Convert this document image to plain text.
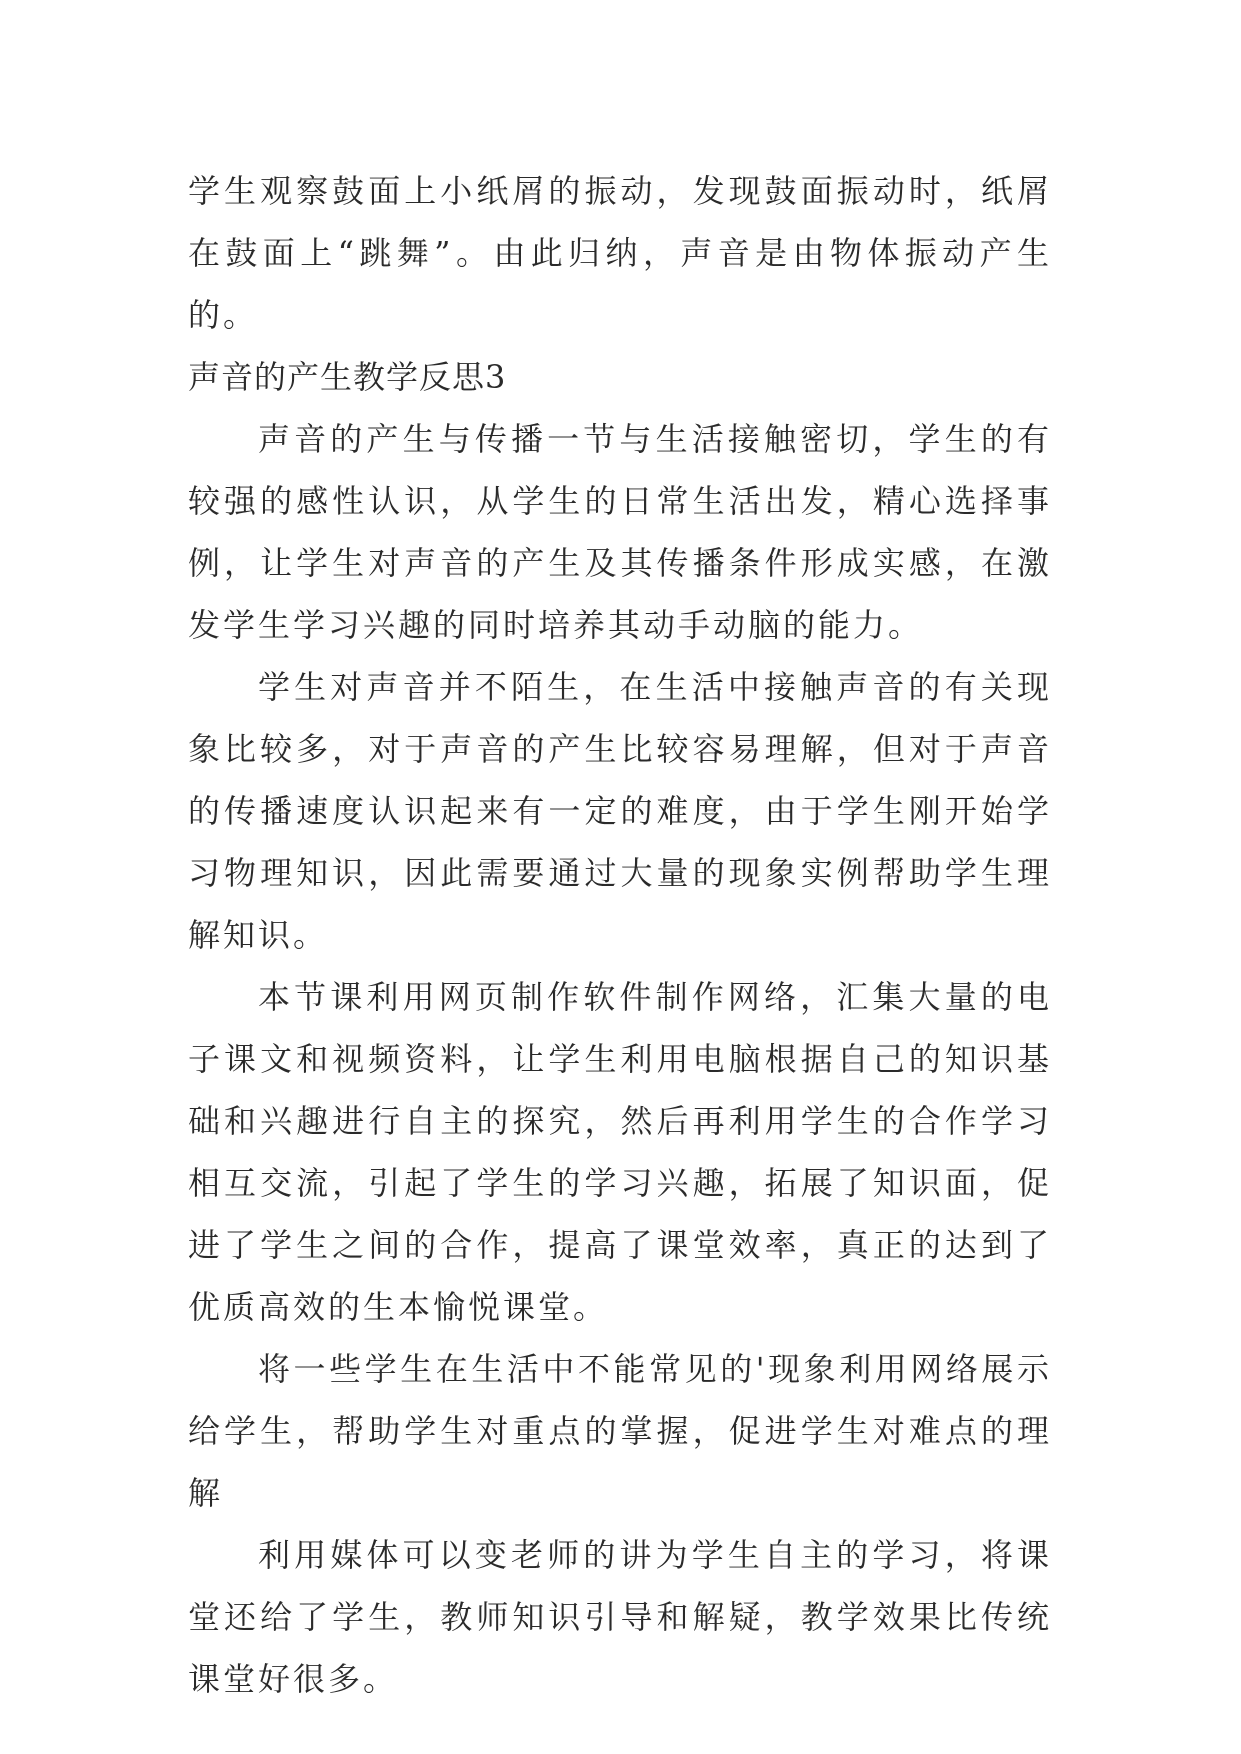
学生观察鼓面上小纸屑的振动，发现鼓面振动时，纸屑在鼓面上“跳舞”。由此归纳，声音是由物体振动产生的。

声音的产生教学反思3

声音的产生与传播一节与生活接触密切，学生的有较强的感性认识，从学生的日常生活出发，精心选择事例，让学生对声音的产生及其传播条件形成实感，在激发学生学习兴趣的同时培养其动手动脑的能力。

学生对声音并不陌生，在生活中接触声音的有关现象比较多，对于声音的产生比较容易理解，但对于声音的传播速度认识起来有一定的难度，由于学生刚开始学习物理知识，因此需要通过大量的现象实例帮助学生理解知识。

本节课利用网页制作软件制作网络，汇集大量的电子课文和视频资料，让学生利用电脑根据自己的知识基础和兴趣进行自主的探究，然后再利用学生的合作学习相互交流，引起了学生的学习兴趣，拓展了知识面，促进了学生之间的合作，提高了课堂效率，真正的达到了优质高效的生本愉悦课堂。

将一些学生在生活中不能常见的'现象利用网络展示给学生，帮助学生对重点的掌握，促进学生对难点的理解

利用媒体可以变老师的讲为学生自主的学习，将课堂还给了学生，教师知识引导和解疑，教学效果比传统课堂好很多。
